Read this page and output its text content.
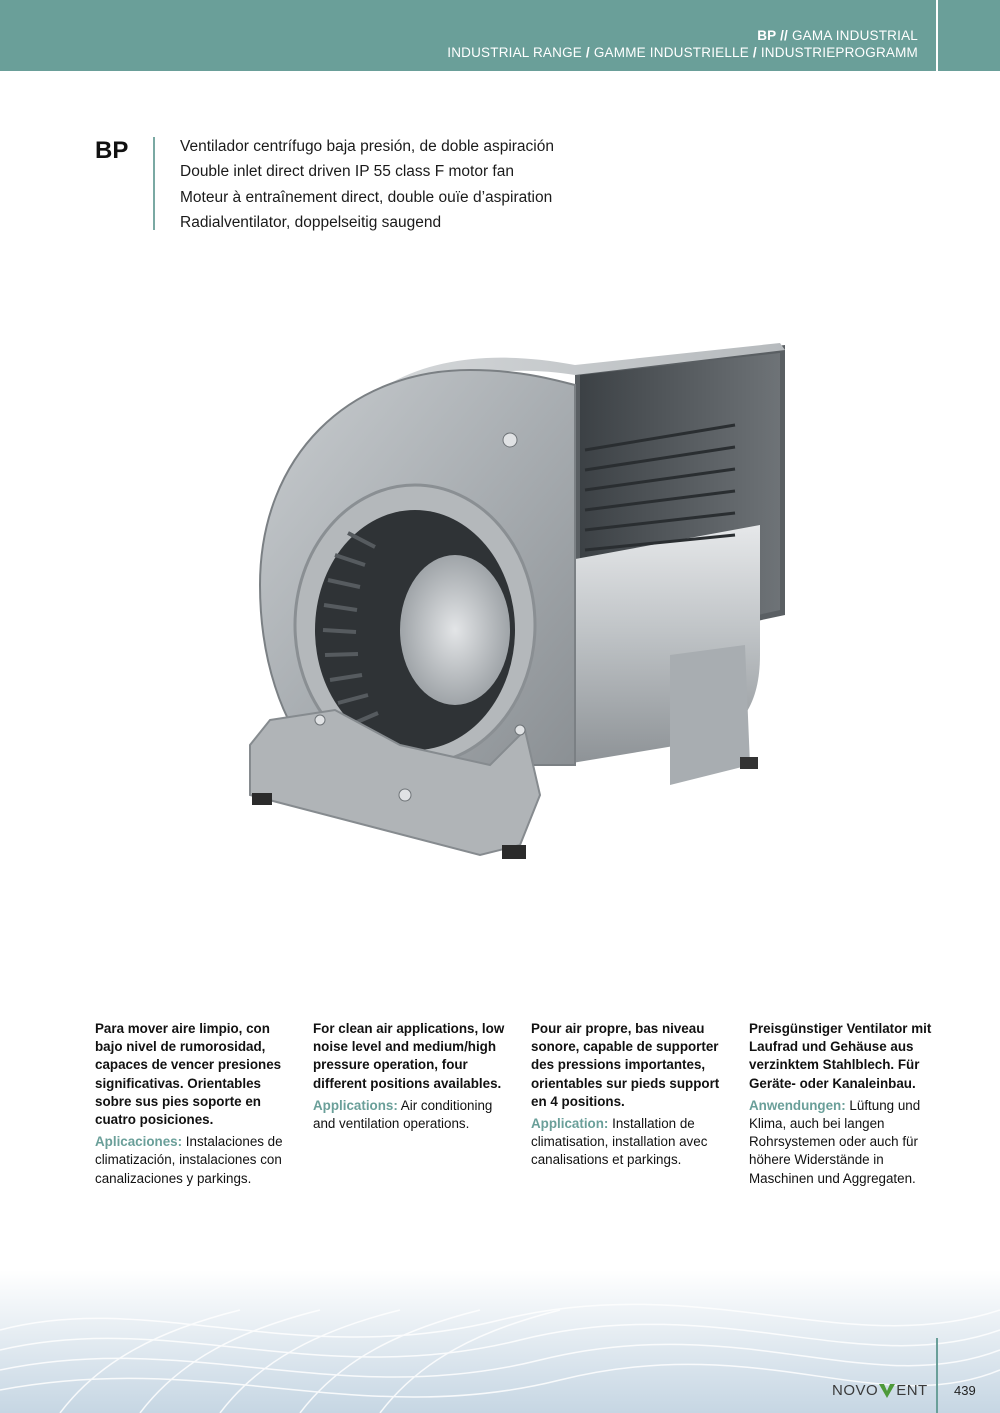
BP // GAMA INDUSTRIAL
INDUSTRIAL RANGE / GAMME INDUSTRIELLE / INDUSTRIEPROGRAMM
BP	Ventilador centrífugo baja presión, de doble aspiración
Double inlet direct driven IP 55 class F motor fan
Moteur à entraînement direct, double ouïe d’aspiration
Radialventilator, doppelseitig saugend
Para mover aire limpio, con bajo nivel de rumorosidad, capaces de vencer presiones significativas. Orientables sobre sus pies soporte en cuatro posiciones.
Aplicaciones: Instalaciones de climatización, instalaciones con canalizaciones y parkings.
For clean air applications, low noise level and medium/high pressure operation, four different positions availables.
Applications: Air conditioning and ventilation operations.
Pour air propre, bas niveau sonore, capable de supporter des pressions importantes, orientables sur pieds support en 4 positions.
Application: Installation de climatisation, installation avec canalisations et parkings.
Preisgünstiger Ventilator mit Laufrad und Gehäuse aus verzinktem Stahlblech. Für Geräte- oder Kanaleinbau.
Anwendungen: Lüftung und Klima, auch bei langen Rohrsystemen oder auch für höhere Widerstände in Maschinen und Aggregaten.
NOVO ENT 439
